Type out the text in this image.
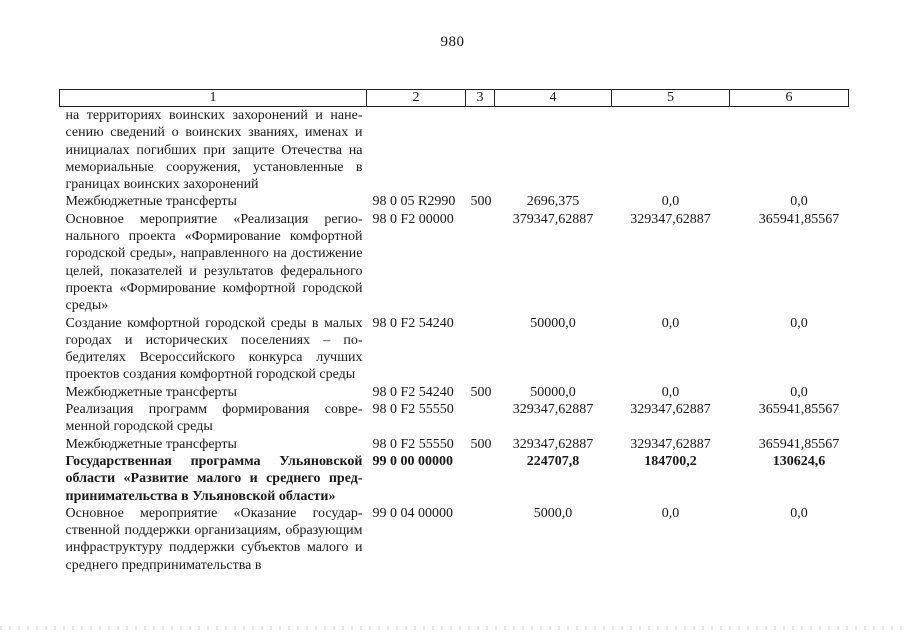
980
1	2	3	4	5	6
на территориях воинских захоронений и нанесению сведений о воинских званиях, именах и инициалах погибших при защите Отечества на мемориальные сооружения, установленные в границах воинских захоронений					
Межбюджетные трансферты	98 0 05 R2990	500	2696,375	0,0	0,0
Основное мероприятие «Реализация регионального проекта «Формирование комфортной городской среды», направленного на достижение целей, показателей и результатов федерального проекта «Формирование комфортной городской среды»	98 0 F2 00000		379347,62887	329347,62887	365941,85567
Создание комфортной городской среды в малых городах и исторических поселениях – победителях Всероссийского конкурса лучших проектов создания комфортной городской среды	98 0 F2 54240		50000,0	0,0	0,0
Межбюджетные трансферты	98 0 F2 54240	500	50000,0	0,0	0,0
Реализация программ формирования современной городской среды	98 0 F2 55550		329347,62887	329347,62887	365941,85567
Межбюджетные трансферты	98 0 F2 55550	500	329347,62887	329347,62887	365941,85567
Государственная программа Ульяновской области «Развитие малого и среднего предпринимательства в Ульяновской области»	99 0 00 00000		224707,8	184700,2	130624,6
Основное мероприятие «Оказание государственной поддержки организациям, образующим инфраструктуру поддержки субъектов малого и среднего предпринимательства в	99 0 04 00000		5000,0	0,0	0,0
